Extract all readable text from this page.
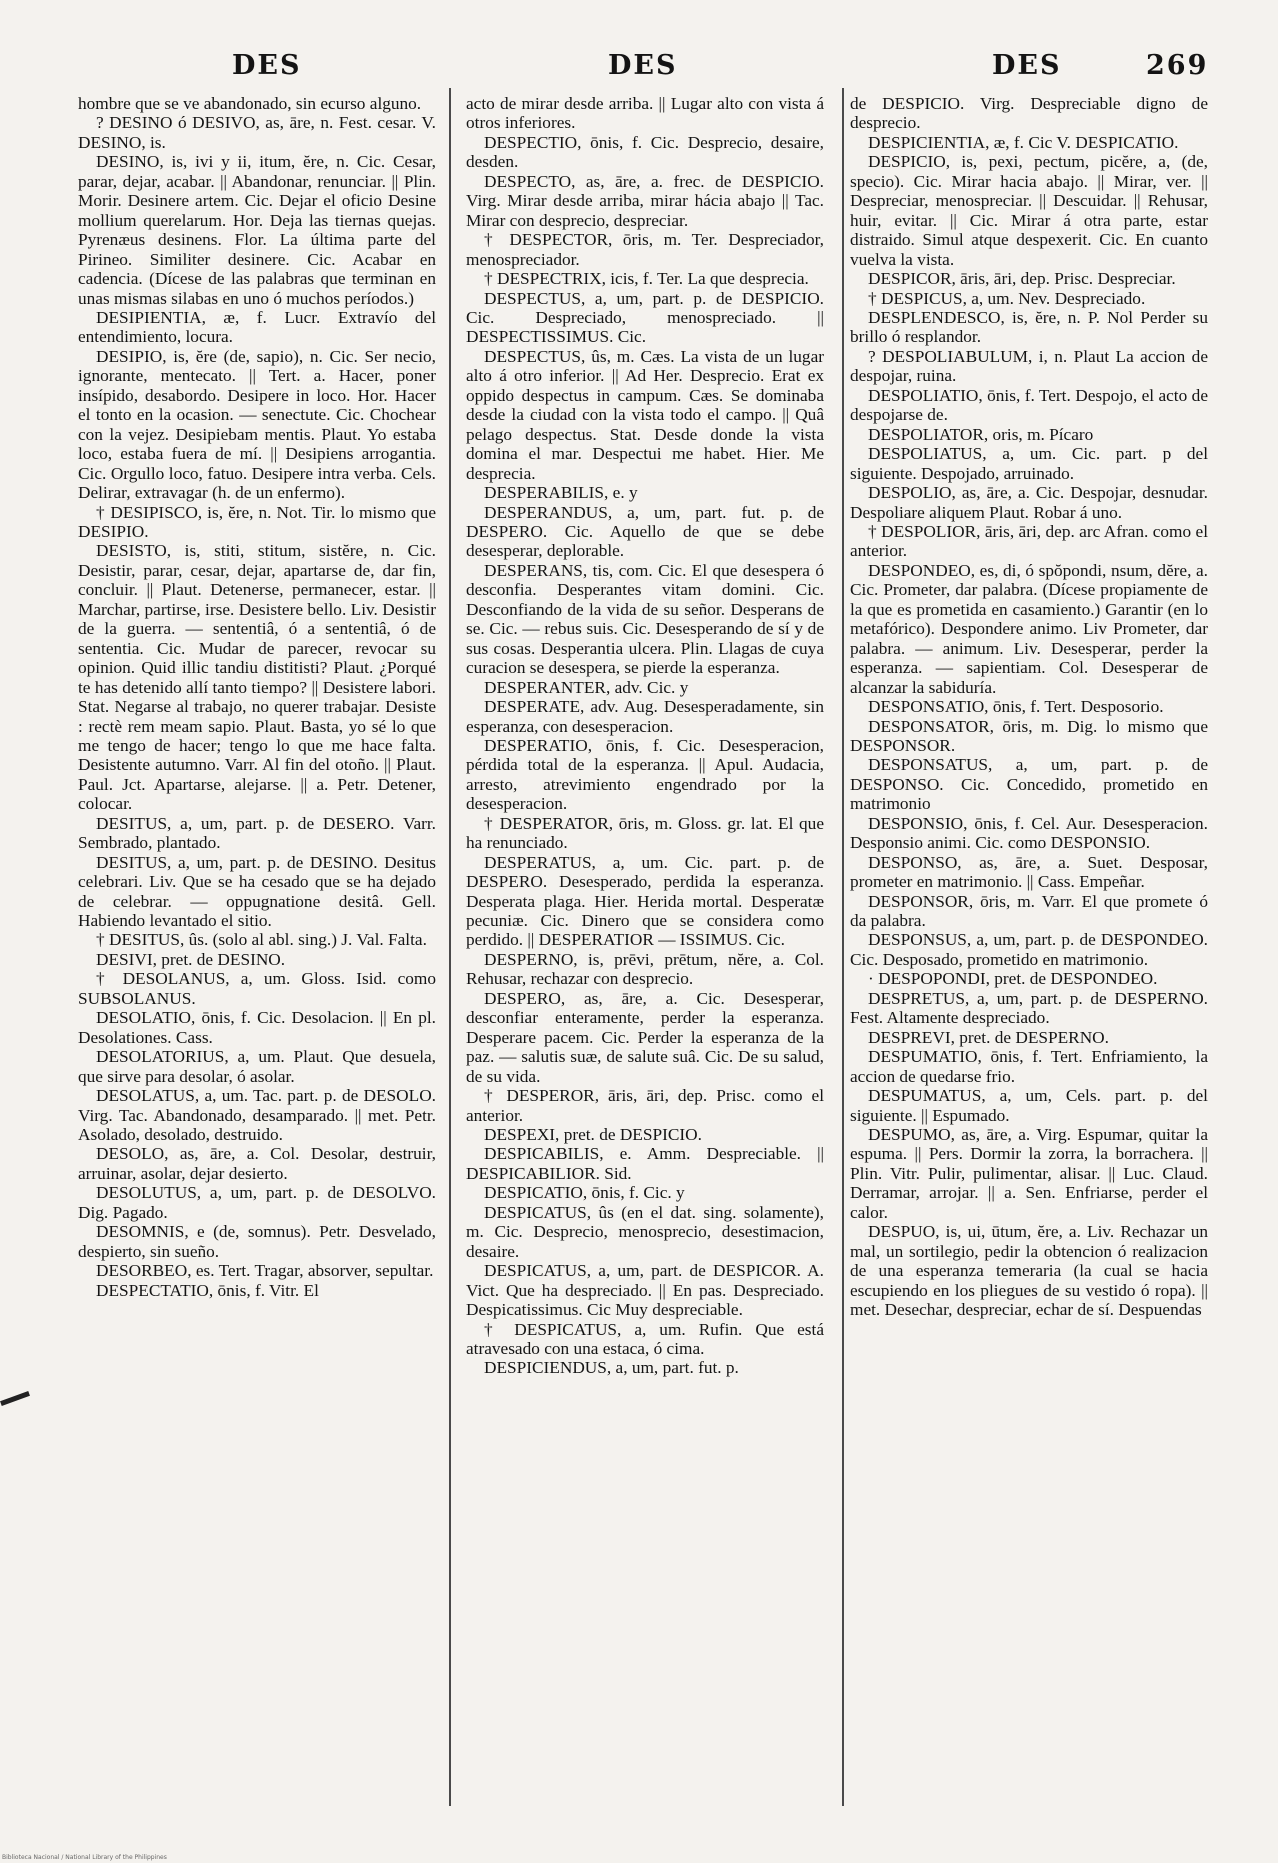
DES	DES	DES	269

hombre que se ve abandonado, sin ecurso alguno.

? DESINO ó DESIVO, as, āre, n. Fest. cesar. V. DESINO, is.

DESINO, is, ivi y ii, itum, ĕre, n. Cic. Cesar, parar, dejar, acabar. || Abandonar, renunciar. || Plin. Morir. Desinere artem. Cic. Dejar el oficio Desine mollium querelarum. Hor. Deja las tiernas quejas. Pyrenæus desinens. Flor. La última parte del Pirineo. Similiter desinere. Cic. Acabar en cadencia. (Dícese de las palabras que terminan en unas mismas silabas en uno ó muchos períodos.)

DESIPIENTIA, æ, f. Lucr. Extravío del entendimiento, locura.

DESIPIO, is, ĕre (de, sapio), n. Cic. Ser necio, ignorante, mentecato. || Tert. a. Hacer, poner insípido, desabordo. Desipere in loco. Hor. Hacer el tonto en la ocasion. — senectute. Cic. Chochear con la vejez. Desipiebam mentis. Plaut. Yo estaba loco, estaba fuera de mí. || Desipiens arrogantia. Cic. Orgullo loco, fatuo. Desipere intra verba. Cels. Delirar, extravagar (h. de un enfermo).

† DESIPISCO, is, ĕre, n. Not. Tir. lo mismo que DESIPIO.

DESISTO, is, stiti, stitum, sistĕre, n. Cic. Desistir, parar, cesar, dejar, apartarse de, dar fin, concluir. || Plaut. Detenerse, permanecer, estar. || Marchar, partirse, irse. Desistere bello. Liv. Desistir de la guerra. — sententiâ, ó a sententiâ, ó de sententia. Cic. Mudar de parecer, revocar su opinion. Quid illic tandiu distitisti? Plaut. ¿Porqué te has detenido allí tanto tiempo? || Desistere labori. Stat. Negarse al trabajo, no querer trabajar. Desiste : rectè rem meam sapio. Plaut. Basta, yo sé lo que me tengo de hacer; tengo lo que me hace falta. Desistente autumno. Varr. Al fin del otoño. || Plaut. Paul. Jct. Apartarse, alejarse. || a. Petr. Detener, colocar.

DESITUS, a, um, part. p. de DESERO. Varr. Sembrado, plantado.

DESITUS, a, um, part. p. de DESINO. Desitus celebrari. Liv. Que se ha cesado que se ha dejado de celebrar. — oppugnatione desitâ. Gell. Habiendo levantado el sitio.

† DESITUS, ûs. (solo al abl. sing.) J. Val. Falta.

DESIVI, pret. de DESINO.

† DESOLANUS, a, um. Gloss. Isid. como SUBSOLANUS.

DESOLATIO, ōnis, f. Cic. Desolacion. || En pl. Desolationes. Cass.

DESOLATORIUS, a, um. Plaut. Que desuela, que sirve para desolar, ó asolar.

DESOLATUS, a, um. Tac. part. p. de DESOLO. Virg. Tac. Abandonado, desamparado. || met. Petr. Asolado, desolado, destruido.

DESOLO, as, āre, a. Col. Desolar, destruir, arruinar, asolar, dejar desierto.

DESOLUTUS, a, um, part. p. de DESOLVO. Dig. Pagado.

DESOMNIS, e (de, somnus). Petr. Desvelado, despierto, sin sueño.

DESORBEO, es. Tert. Tragar, absorver, sepultar.

DESPECTATIO, ōnis, f. Vitr. El

acto de mirar desde arriba. || Lugar alto con vista á otros inferiores.

DESPECTIO, ōnis, f. Cic. Desprecio, desaire, desden.

DESPECTO, as, āre, a. frec. de DESPICIO. Virg. Mirar desde arriba, mirar hácia abajo || Tac. Mirar con desprecio, despreciar.

† DESPECTOR, ōris, m. Ter. Despreciador, menospreciador.

† DESPECTRIX, icis, f. Ter. La que desprecia.

DESPECTUS, a, um, part. p. de DESPICIO. Cic. Despreciado, menospreciado. || DESPECTISSIMUS. Cic.

DESPECTUS, ûs, m. Cæs. La vista de un lugar alto á otro inferior. || Ad Her. Desprecio. Erat ex oppido despectus in campum. Cæs. Se dominaba desde la ciudad con la vista todo el campo. || Quâ pelago despectus. Stat. Desde donde la vista domina el mar. Despectui me habet. Hier. Me desprecia.

DESPERABILIS, e. y

DESPERANDUS, a, um, part. fut. p. de DESPERO. Cic. Aquello de que se debe desesperar, deplorable.

DESPERANS, tis, com. Cic. El que desespera ó desconfia. Desperantes vitam domini. Cic. Desconfiando de la vida de su señor. Desperans de se. Cic. — rebus suis. Cic. Desesperando de sí y de sus cosas. Desperantia ulcera. Plin. Llagas de cuya curacion se desespera, se pierde la esperanza.

DESPERANTER, adv. Cic. y

DESPERATE, adv. Aug. Desesperadamente, sin esperanza, con desesperacion.

DESPERATIO, ōnis, f. Cic. Desesperacion, pérdida total de la esperanza. || Apul. Audacia, arresto, atrevimiento engendrado por la desesperacion.

† DESPERATOR, ōris, m. Gloss. gr. lat. El que ha renunciado.

DESPERATUS, a, um. Cic. part. p. de DESPERO. Desesperado, perdida la esperanza. Desperata plaga. Hier. Herida mortal. Desperatæ pecuniæ. Cic. Dinero que se considera como perdido. || DESPERATIOR — ISSIMUS. Cic.

DESPERNO, is, prēvi, prētum, nĕre, a. Col. Rehusar, rechazar con desprecio.

DESPERO, as, āre, a. Cic. Desesperar, desconfiar enteramente, perder la esperanza. Desperare pacem. Cic. Perder la esperanza de la paz. — salutis suæ, de salute suâ. Cic. De su salud, de su vida.

† DESPEROR, āris, āri, dep. Prisc. como el anterior.

DESPEXI, pret. de DESPICIO.

DESPICABILIS, e. Amm. Despreciable. || DESPICABILIOR. Sid.

DESPICATIO, ōnis, f. Cic. y

DESPICATUS, ûs (en el dat. sing. solamente), m. Cic. Desprecio, menosprecio, desestimacion, desaire.

DESPICATUS, a, um, part. de DESPICOR. A. Vict. Que ha despreciado. || En pas. Despreciado. Despicatissimus. Cic Muy despreciable.

† DESPICATUS, a, um. Rufin. Que está atravesado con una estaca, ó cima.

DESPICIENDUS, a, um, part. fut. p.

de DESPICIO. Virg. Despreciable digno de desprecio.

DESPICIENTIA, æ, f. Cic V. DESPICATIO.

DESPICIO, is, pexi, pectum, picĕre, a, (de, specio). Cic. Mirar hacia abajo. || Mirar, ver. || Despreciar, menospreciar. || Descuidar. || Rehusar, huir, evitar. || Cic. Mirar á otra parte, estar distraido. Simul atque despexerit. Cic. En cuanto vuelva la vista.

DESPICOR, āris, āri, dep. Prisc. Despreciar.

† DESPICUS, a, um. Nev. Despreciado.

DESPLENDESCO, is, ĕre, n. P. Nol Perder su brillo ó resplandor.

? DESPOLIABULUM, i, n. Plaut La accion de despojar, ruina.

DESPOLIATIO, ōnis, f. Tert. Despojo, el acto de despojarse de.

DESPOLIATOR, oris, m. Pícaro

DESPOLIATUS, a, um. Cic. part. p del siguiente. Despojado, arruinado.

DESPOLIO, as, āre, a. Cic. Despojar, desnudar. Despoliare aliquem Plaut. Robar á uno.

† DESPOLIOR, āris, āri, dep. arc Afran. como el anterior.

DESPONDEO, es, di, ó spŏpondi, nsum, dĕre, a. Cic. Prometer, dar palabra. (Dícese propiamente de la que es prometida en casamiento.) Garantir (en lo metafórico). Despondere animo. Liv Prometer, dar palabra. — animum. Liv. Desesperar, perder la esperanza. — sapientiam. Col. Desesperar de alcanzar la sabiduría.

DESPONSATIO, ōnis, f. Tert. Desposorio.

DESPONSATOR, ōris, m. Dig. lo mismo que DESPONSOR.

DESPONSATUS, a, um, part. p. de DESPONSO. Cic. Concedido, prometido en matrimonio

DESPONSIO, ōnis, f. Cel. Aur. Desesperacion. Desponsio animi. Cic. como DESPONSIO.

DESPONSO, as, āre, a. Suet. Desposar, prometer en matrimonio. || Cass. Empeñar.

DESPONSOR, ōris, m. Varr. El que promete ó da palabra.

DESPONSUS, a, um, part. p. de DESPONDEO. Cic. Desposado, prometido en matrimonio.

· DESPOPONDI, pret. de DESPONDEO.

DESPRETUS, a, um, part. p. de DESPERNO. Fest. Altamente despreciado.

DESPREVI, pret. de DESPERNO.

DESPUMATIO, ōnis, f. Tert. Enfriamiento, la accion de quedarse frio.

DESPUMATUS, a, um, Cels. part. p. del siguiente. || Espumado.

DESPUMO, as, āre, a. Virg. Espumar, quitar la espuma. || Pers. Dormir la zorra, la borrachera. || Plin. Vitr. Pulir, pulimentar, alisar. || Luc. Claud. Derramar, arrojar. || a. Sen. Enfriarse, perder el calor.

DESPUO, is, ui, ūtum, ĕre, a. Liv. Rechazar un mal, un sortilegio, pedir la obtencion ó realizacion de una esperanza temeraria (la cual se hacia escupiendo en los pliegues de su vestido ó ropa). || met. Desechar, despreciar, echar de sí. Despuendas

Biblioteca Nacional / National Library of the Philippines
